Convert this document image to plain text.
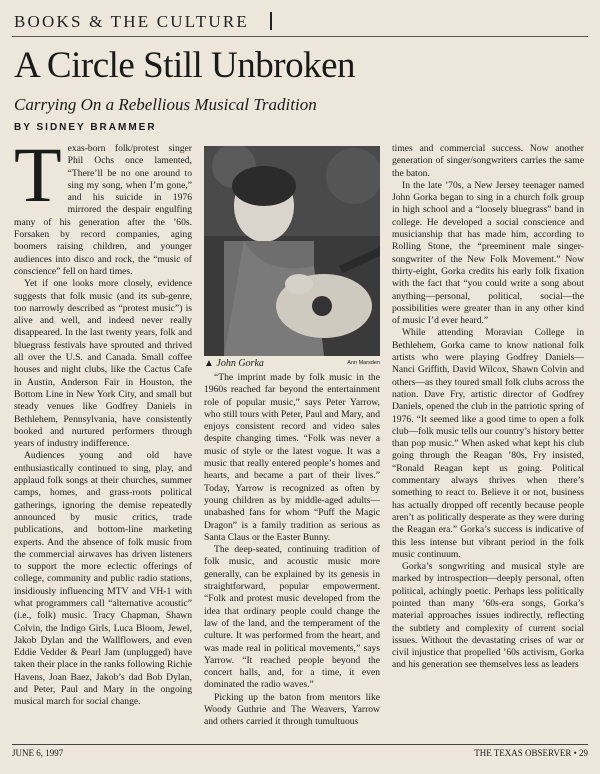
BOOKS & THE CULTURE
A Circle Still Unbroken
Carrying On a Rebellious Musical Tradition
BY SIDNEY BRAMMER

Texas-born folk/protest singer Phil Ochs once lamented, “There’ll be no one around to sing my song, when I’m gone,” and his suicide in 1976 mirrored the despair engulfing many of his generation after the ’60s. Forsaken by record companies, aging boomers raising children, and younger audiences into disco and rock, the “music of conscience” fell on hard times.

Yet if one looks more closely, evidence suggests that folk music (and its sub-genre, too narrowly described as “protest music”) is alive and well, and indeed never really disappeared. In the last twenty years, folk and bluegrass festivals have sprouted and thrived all over the U.S. and Canada. Small coffee houses and night clubs, like the Cactus Cafe in Austin, Anderson Fair in Houston, the Bottom Line in New York City, and small but steady venues like Godfrey Daniels in Bethlehem, Pennsylvania, have consistently booked and nurtured performers through years of industry indifference.

Audiences young and old have enthusiastically continued to sing, play, and applaud folk songs at their churches, summer camps, homes, and grass-roots political gatherings, ignoring the demise repeatedly announced by music critics, trade publications, and bottom-line marketing experts. And the absence of folk music from the commercial airwaves has driven listeners to support the more eclectic offerings of college, community and public radio stations, insidiously influencing MTV and VH-1 with what programmers call “alternative acoustic” (i.e., folk) music. Tracy Chapman, Shawn Colvin, the Indigo Girls, Luca Bloom, Jewel, Jakob Dylan and the Wallflowers, and even Eddie Vedder & Pearl Jam (unplugged) have taken their place in the ranks following Richie Havens, Joan Baez, Jakob’s dad Bob Dylan, and Peter, Paul and Mary in the ongoing musical march for social change.

▲ John Gorka	Ann Marsden

“The imprint made by folk music in the 1960s reached far beyond the entertainment role of popular music,” says Peter Yarrow, who still tours with Peter, Paul and Mary, and enjoys consistent record and video sales despite changing times. “Folk was never a music of style or the latest vogue. It was a music that really entered people’s homes and hearts, and became a part of their lives.” Today, Yarrow is recognized as often by young children as by middle-aged adults—unabashed fans for whom “Puff the Magic Dragon” is a family tradition as serious as Santa Claus or the Easter Bunny.

The deep-seated, continuing tradition of folk music, and acoustic music more generally, can be explained by its genesis in straightforward, popular empowerment. “Folk and protest music developed from the idea that ordinary people could change the law of the land, and the temperament of the culture. It was performed from the heart, and was made real in political movements,” says Yarrow. “It reached people beyond the concert halls, and, for a time, it even dominated the radio waves.”

Picking up the baton from mentors like Woody Guthrie and The Weavers, Yarrow and others carried it through tumultuous

times and commercial success. Now another generation of singer/songwriters carries the same the baton.

In the late ’70s, a New Jersey teenager named John Gorka began to sing in a church folk group in high school and a “loosely bluegrass” band in college. He developed a social conscience and musicianship that has made him, according to Rolling Stone, the “preeminent male singer-songwriter of the New Folk Movement.” Now thirty-eight, Gorka credits his early folk fixation with the fact that “you could write a song about anything—personal, political, social—the possibilities were greater than in any other kind of music I’d ever heard.”

While attending Moravian College in Bethlehem, Gorka came to know national folk artists who were playing Godfrey Daniels—Nanci Griffith, David Wilcox, Shawn Colvin and others—as they toured small folk clubs across the nation. Dave Fry, artistic director of Godfrey Daniels, opened the club in the patriotic spring of 1976. “It seemed like a good time to open a folk club—folk music tells our country’s history better than pop music.” When asked what kept his club going through the Reagan ’80s, Fry insisted, “Ronald Reagan kept us going. Political commentary always thrives when there’s something to react to. Believe it or not, business has actually dropped off recently because people aren’t as politically desperate as they were during the Reagan era.” Gorka’s success is indicative of this less intense but vibrant period in the folk music continuum.

Gorka’s songwriting and musical style are marked by introspection—deeply personal, often political, achingly poetic. Perhaps less politically pointed than many ’60s-era songs, Gorka’s material approaches issues indirectly, reflecting the subtlety and complexity of current social issues. Without the devastating crises of war or civil injustice that propelled ’60s activism, Gorka and his generation see themselves less as leaders

JUNE 6, 1997	THE TEXAS OBSERVER • 29
